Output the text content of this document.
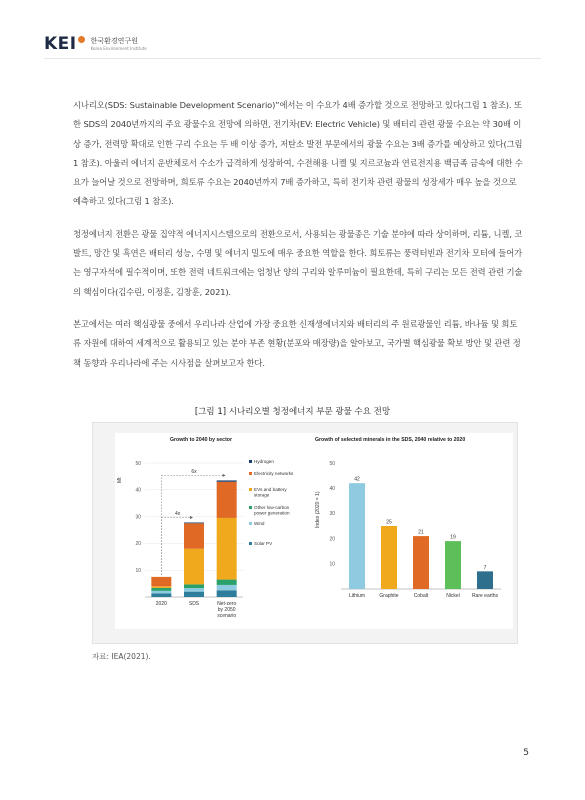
KEI 한국환경연구원
Korea Environment Institute

시나리오(SDS: Sustainable Development Scenario)”에서는 이 수요가 4배 증가할 것으로 전망하고 있다(그림 1 참조). 또한 SDS의 2040년까지의 주요 광물수요 전망에 의하면, 전기차(EV: Electric Vehicle) 및 배터리 관련 광물 수요는 약 30배 이상 증가, 전력망 확대로 인한 구리 수요는 두 배 이상 증가, 저탄소 발전 부문에서의 광물 수요는 3배 증가를 예상하고 있다(그림 1 참조). 아울러 에너지 운반체로서 수소가 급격하게 성장하여, 수전해용 니켈 및 지르코늄과 연료전지용 백금족 금속에 대한 수요가 늘어날 것으로 전망하며, 희토류 수요는 2040년까지 7배 증가하고, 특히 전기차 관련 광물의 성장세가 매우 높을 것으로 예측하고 있다(그림 1 참조).

청정에너지 전환은 광물 집약적 에너지시스템으로의 전환으로서, 사용되는 광물종은 기술 분야에 따라 상이하며, 리튬, 니켈, 코발트, 망간 및 흑연은 배터리 성능, 수명 및 에너지 밀도에 매우 중요한 역할을 한다. 희토류는 풍력터빈과 전기차 모터에 들어가는 영구자석에 필수적이며, 또한 전력 네트워크에는 엄청난 양의 구리와 알루미늄이 필요한데, 특히 구리는 모든 전력 관련 기술의 핵심이다(김수린, 이정훈, 김창훈, 2021).

본고에서는 여러 핵심광물 중에서 우리나라 산업에 가장 중요한 신재생에너지와 배터리의 주 원료광물인 리튬, 바나듐 및 희토류 자원에 대하여 세계적으로 활용되고 있는 분야 부존 현황(분포와 매장량)을 알아보고, 국가별 핵심광물 확보 방안 및 관련 정책 동향과 우리나라에 주는 시사점을 살펴보고자 한다.

[그림 1] 시나리오별 청정에너지 부문 광물 수요 전망
Growth to 2040 by sector
Mt
10
20
30
40
50
2020	SDS	Net-zero by 2050 scenario
4x
6x
Hydrogen
Electricity networks
EVs and battery storage
Other low-carbon power generation
Wind
Solar PV
Growth of selected minerals in the SDS, 2040 relative to 2020
Index (2020 = 1)
10
20
30
40
50
42
Lithium
25
Graphite
21
Cobalt
19
Nickel
7
Rare earths
자료: IEA(2021).
5
